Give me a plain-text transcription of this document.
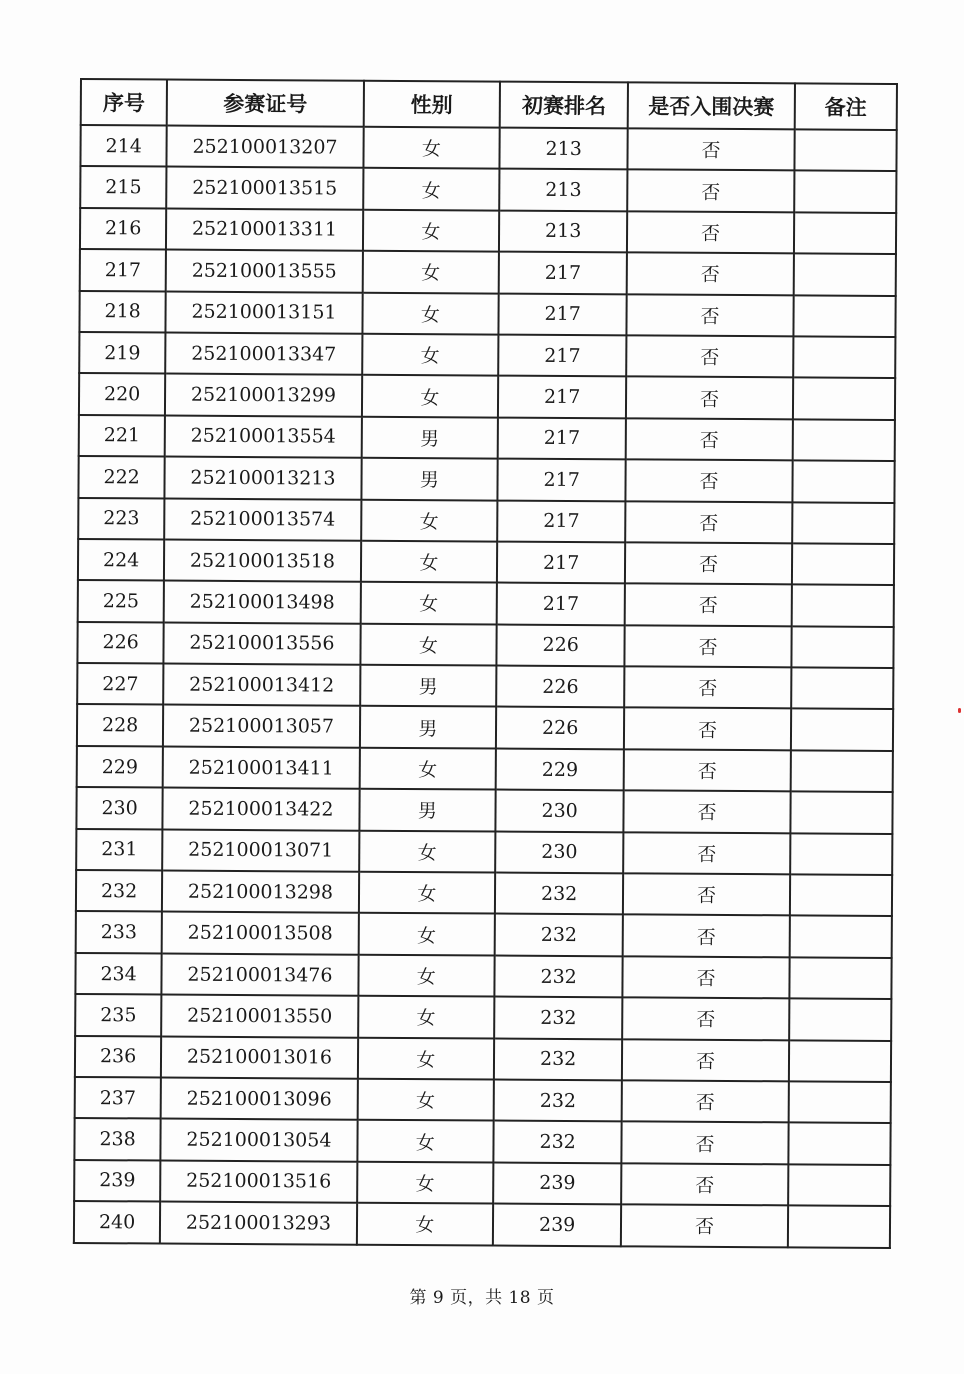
序号	参赛证号	性别	初赛排名	是否入围决赛	备注
214	252100013207	女	213	否	
215	252100013515	女	213	否	
216	252100013311	女	213	否	
217	252100013555	女	217	否	
218	252100013151	女	217	否	
219	252100013347	女	217	否	
220	252100013299	女	217	否	
221	252100013554	男	217	否	
222	252100013213	男	217	否	
223	252100013574	女	217	否	
224	252100013518	女	217	否	
225	252100013498	女	217	否	
226	252100013556	女	226	否	
227	252100013412	男	226	否	
228	252100013057	男	226	否	
229	252100013411	女	229	否	
230	252100013422	男	230	否	
231	252100013071	女	230	否	
232	252100013298	女	232	否	
233	252100013508	女	232	否	
234	252100013476	女	232	否	
235	252100013550	女	232	否	
236	252100013016	女	232	否	
237	252100013096	女	232	否	
238	252100013054	女	232	否	
239	252100013516	女	239	否	
240	252100013293	女	239	否	
第 9 页，共 18 页
